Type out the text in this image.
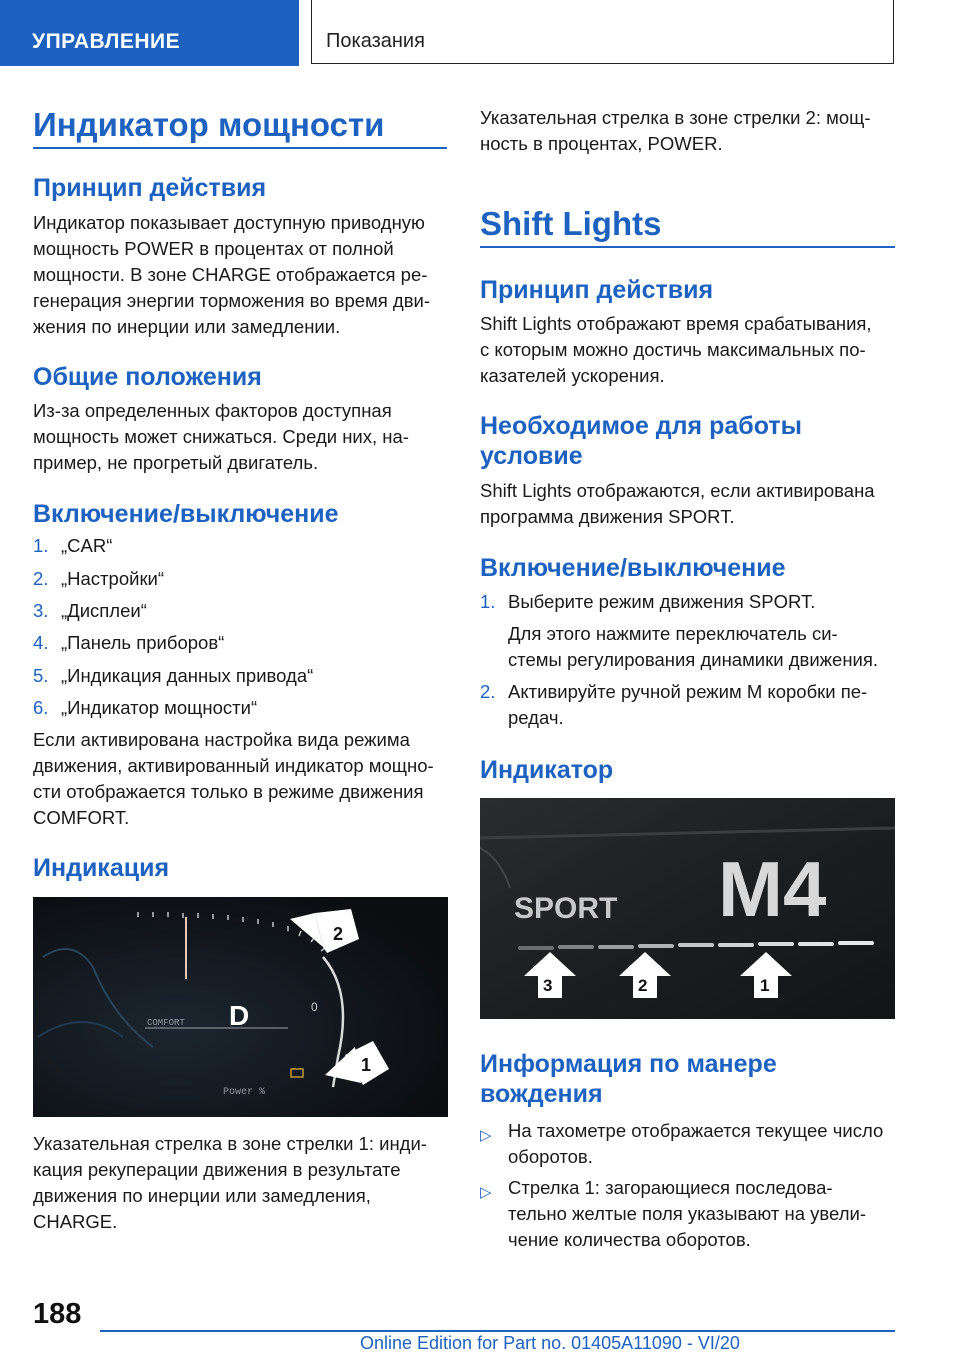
УПРАВЛЕНИЕ	Показания
Индикатор мощности
Принцип действия
Индикатор показывает доступную приводную
мощность POWER в процентах от полной
мощности. В зоне CHARGE отображается ре-
генерация энергии торможения во время дви-
жения по инерции или замедлении.
Общие положения
Из-за определенных факторов доступная
мощность может снижаться. Среди них, на-
пример, не прогретый двигатель.
Включение/выключение
1. „CAR“
2. „Настройки“
3. „Дисплеи“
4. „Панель приборов“
5. „Индикация данных привода“
6. „Индикатор мощности“
Если активирована настройка вида режима
движения, активированный индикатор мощно-
сти отображается только в режиме движения
COMFORT.
Индикация
COMFORT D	0
Power %
2
1
Указательная стрелка в зоне стрелки 1: инди-
кация рекуперации движения в результате
движения по инерции или замедления,
CHARGE.
Указательная стрелка в зоне стрелки 2: мощ-
ность в процентах, POWER.
Shift Lights
Принцип действия
Shift Lights отображают время срабатывания,
с которым можно достичь максимальных по-
казателей ускорения.
Необходимое для работы
условие
Shift Lights отображаются, если активирована
программа движения SPORT.
Включение/выключение
1. Выберите режим движения SPORT.
Для этого нажмите переключатель си-
стемы регулирования динамики движения.
2. Активируйте ручной режим M коробки пе-
редач.
Индикатор
SPORT M4
3	2	1
Информация по манере
вождения
▷ На тахометре отображается текущее число
оборотов.
▷ Стрелка 1: загорающиеся последова-
тельно желтые поля указывают на увели-
чение количества оборотов.
188
Online Edition for Part no. 01405A11090 - VI/20
